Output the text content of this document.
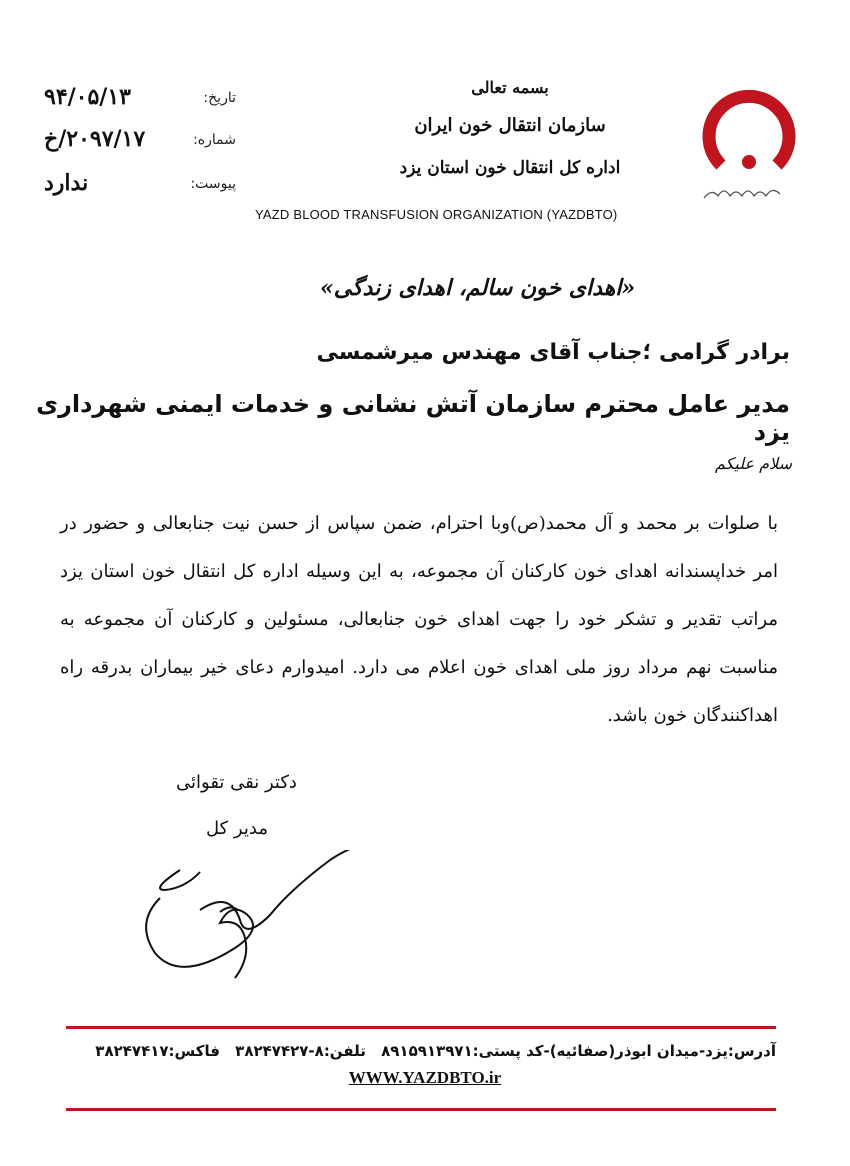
۹۴/۰۵/۱۳	تاریخ:
۲۰۹۷/۱۷/خ	شماره:
ندارد	پیوست:
بسمه تعالی
سازمان انتقال خون ایران
اداره کل انتقال خون استان یزد
YAZD BLOOD TRANSFUSION ORGANIZATION (YAZDBTO)
«اهدای خون سالم، اهدای زندگی»
برادر گرامی ؛جناب آقای مهندس میرشمسی
مدیر عامل محترم سازمان آتش نشانی و خدمات ایمنی شهرداری یزد
سلام علیکم
با صلوات بر محمد و آل محمد(ص)وبا احترام، ضمن سپاس از حسن نیت جنابعالی و حضور در امر خداپسندانه اهدای خون کارکنان آن مجموعه، به این وسیله اداره کل انتقال خون استان یزد مراتب تقدیر و تشکر خود را جهت اهدای خون جنابعالی، مسئولین و کارکنان آن مجموعه به مناسبت نهم مرداد روز ملی اهدای خون اعلام می دارد. امیدوارم دعای خیر بیماران بدرقه راه اهداکنندگان خون باشد.
دکتر نقی تقوائی
مدیر کل
آدرس:یزد-میدان ابوذر(صفائیه)-کد پستی:۸۹۱۵۹۱۳۹۷۱ تلفن:۸-۳۸۲۴۷۴۲۷ فاکس:۳۸۲۴۷۴۱۷
WWW.YAZDBTO.ir
